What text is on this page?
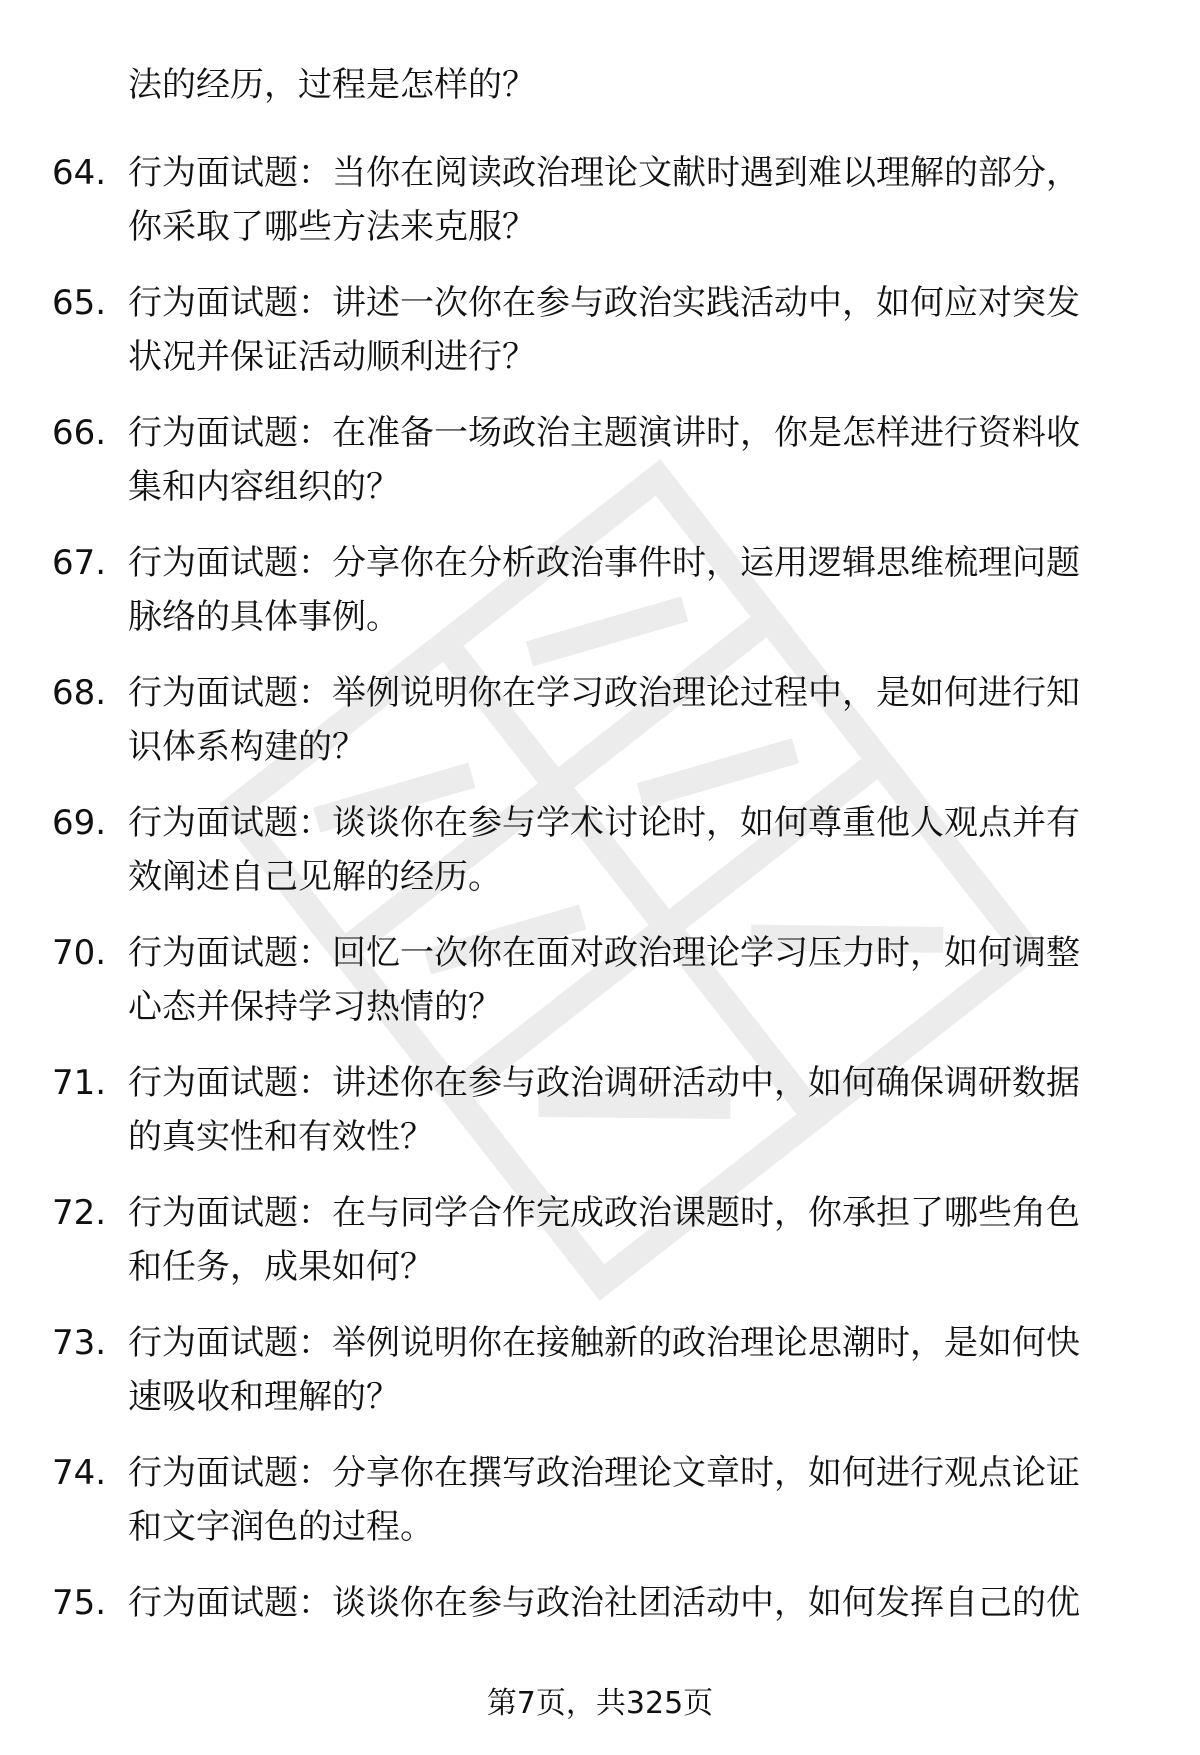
法的经历，过程是怎样的？
64. 行为面试题：当你在阅读政治理论文献时遇到难以理解的部分，
你采取了哪些方法来克服？
65. 行为面试题：讲述一次你在参与政治实践活动中，如何应对突发
状况并保证活动顺利进行？
66. 行为面试题：在准备一场政治主题演讲时，你是怎样进行资料收
集和内容组织的？
67. 行为面试题：分享你在分析政治事件时，运用逻辑思维梳理问题
脉络的具体事例。
68. 行为面试题：举例说明你在学习政治理论过程中，是如何进行知
识体系构建的？
69. 行为面试题：谈谈你在参与学术讨论时，如何尊重他人观点并有
效阐述自己见解的经历。
70. 行为面试题：回忆一次你在面对政治理论学习压力时，如何调整
心态并保持学习热情的？
71. 行为面试题：讲述你在参与政治调研活动中，如何确保调研数据
的真实性和有效性？
72. 行为面试题：在与同学合作完成政治课题时，你承担了哪些角色
和任务，成果如何？
73. 行为面试题：举例说明你在接触新的政治理论思潮时，是如何快
速吸收和理解的？
74. 行为面试题：分享你在撰写政治理论文章时，如何进行观点论证
和文字润色的过程。
75. 行为面试题：谈谈你在参与政治社团活动中，如何发挥自己的优
第7页，共325页
